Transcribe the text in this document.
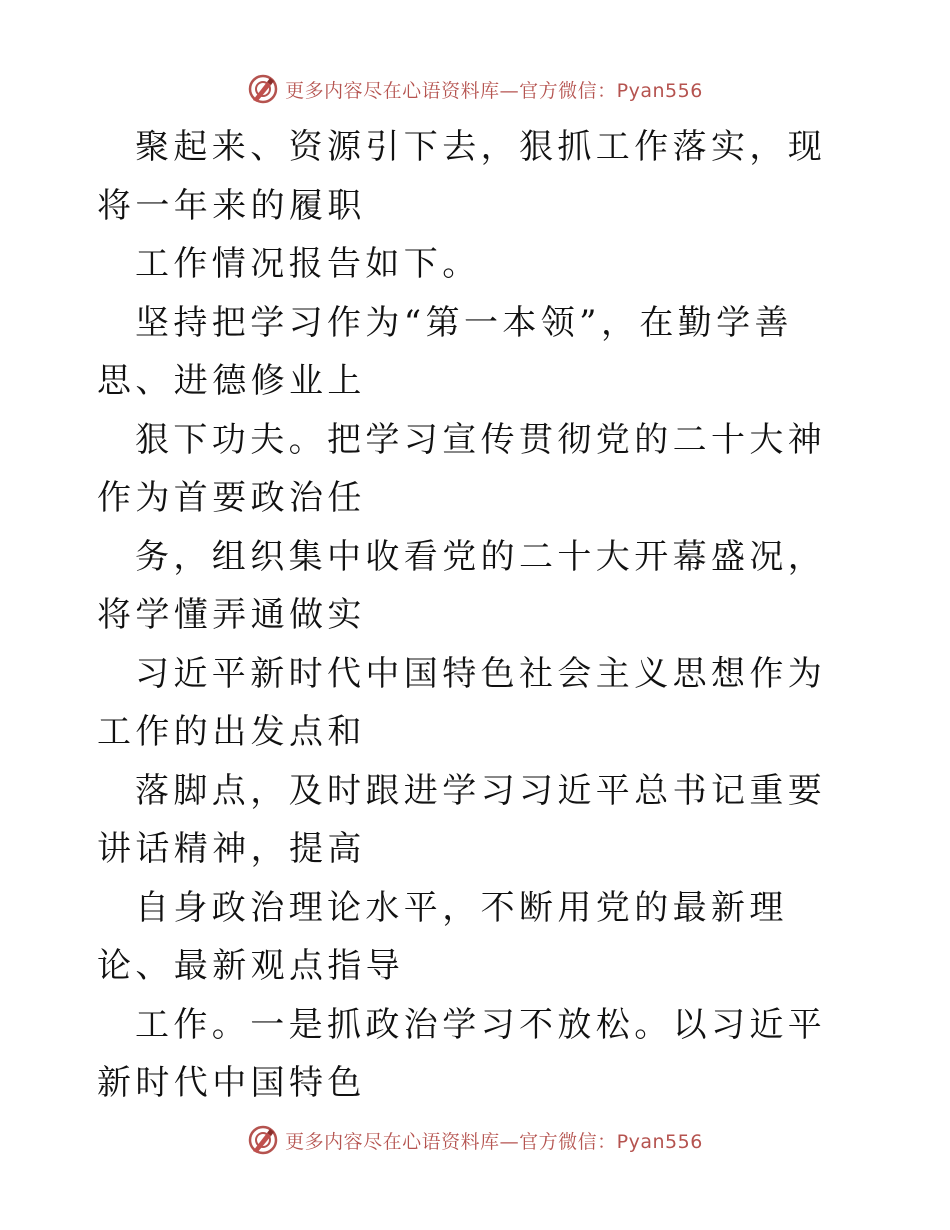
更多内容尽在心语资料库—官方微信：Pyan556

聚起来、资源引下去，狠抓工作落实，现将一年来的履职

工作情况报告如下。

坚持把学习作为“第一本领”，在勤学善思、进德修业上

狠下功夫。把学习宣传贯彻党的二十大神作为首要政治任

务，组织集中收看党的二十大开幕盛况，将学懂弄通做实

习近平新时代中国特色社会主义思想作为工作的出发点和

落脚点，及时跟进学习习近平总书记重要讲话精神，提高

自身政治理论水平，不断用党的最新理论、最新观点指导

工作。一是抓政治学习不放松。以习近平新时代中国特色

更多内容尽在心语资料库—官方微信：Pyan556
